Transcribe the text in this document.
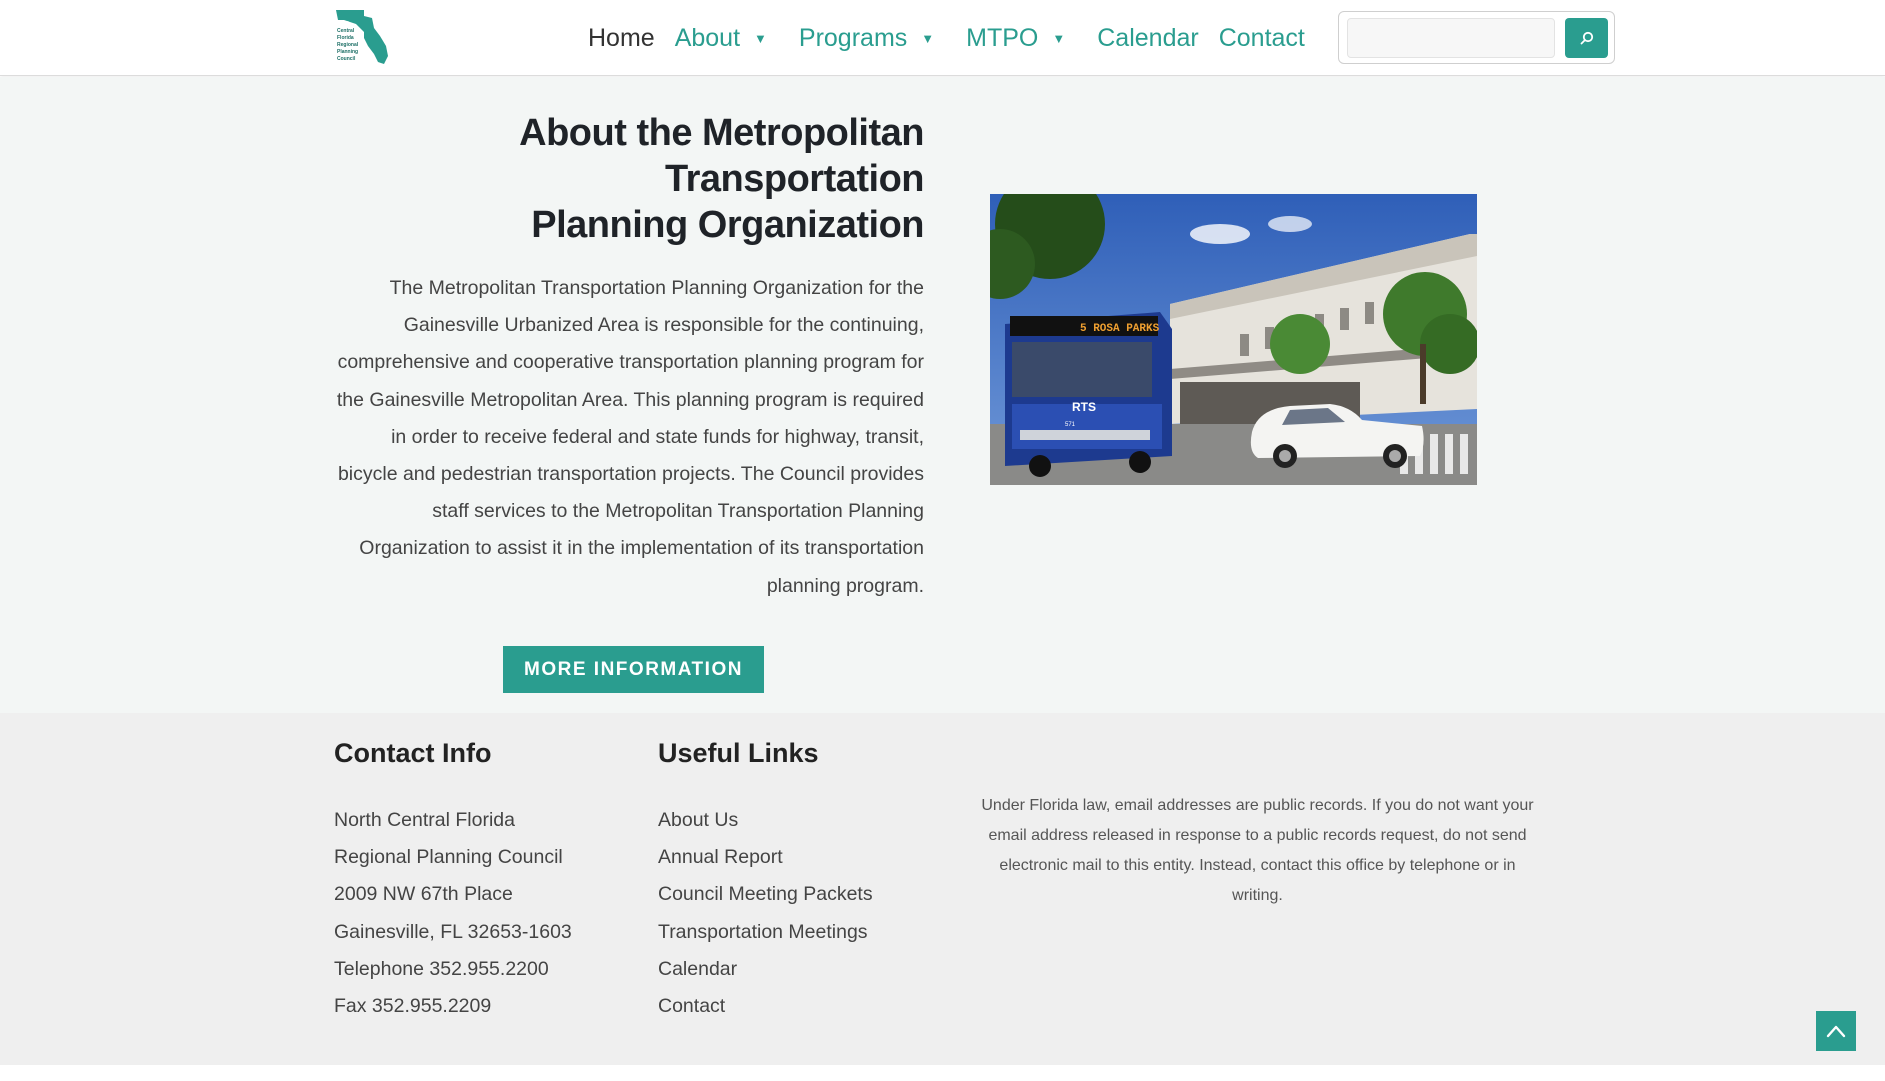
North
Central
Florida
Regional
Planning
Council
Home About ▼ Programs ▼ MTPO ▼ Calendar Contact
About the Metropolitan Transportation Planning Organization

The Metropolitan Transportation Planning Organization for the Gainesville Urbanized Area is responsible for the continuing, comprehensive and cooperative transportation planning program for the Gainesville Metropolitan Area. This planning program is required in order to receive federal and state funds for highway, transit, bicycle and pedestrian transportation projects. The Council provides staff services to the Metropolitan Transportation Planning Organization to assist it in the implementation of its transportation planning program.

MORE INFORMATION
5 ROSA PARKS
RTS
571
Contact Info
North Central Florida
Regional Planning Council
2009 NW 67th Place
Gainesville, FL 32653-1603
Telephone 352.955.2200
Fax 352.955.2209
Useful Links
About Us
Annual Report
Council Meeting Packets
Transportation Meetings
Calendar
Contact

Under Florida law, email addresses are public records. If you do not want your email address released in response to a public records request, do not send electronic mail to this entity. Instead, contact this office by telephone or in writing.
